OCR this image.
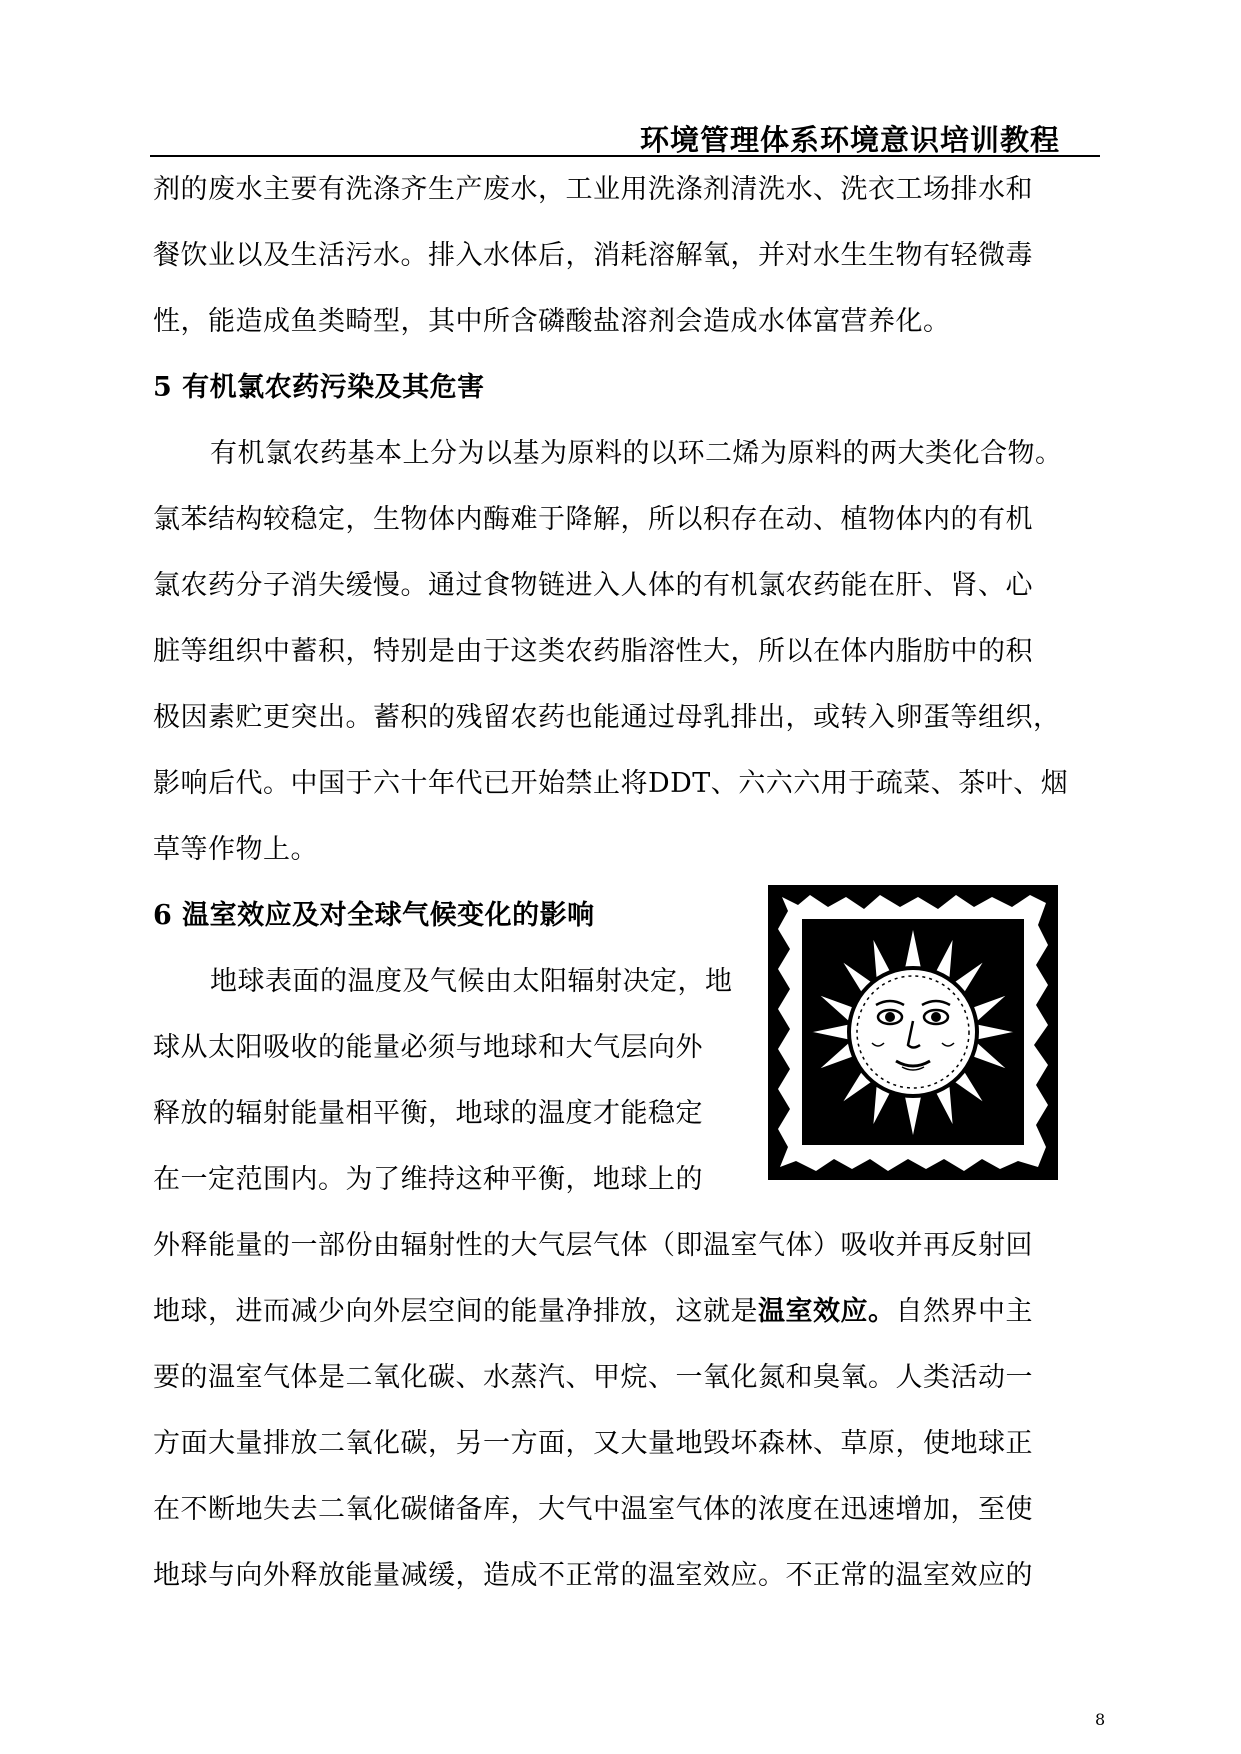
环境管理体系环境意识培训教程
剂的废水主要有洗涤齐生产废水，工业用洗涤剂清洗水、洗衣工场排水和
餐饮业以及生活污水。排入水体后，消耗溶解氧，并对水生生物有轻微毒
性，能造成鱼类畸型，其中所含磷酸盐溶剂会造成水体富营养化。
5 有机氯农药污染及其危害
有机氯农药基本上分为以基为原料的以环二烯为原料的两大类化合物。
氯苯结构较稳定，生物体内酶难于降解，所以积存在动、植物体内的有机
氯农药分子消失缓慢。通过食物链进入人体的有机氯农药能在肝、肾、心
脏等组织中蓄积，特别是由于这类农药脂溶性大，所以在体内脂肪中的积
极因素贮更突出。蓄积的残留农药也能通过母乳排出，或转入卵蛋等组织，
影响后代。中国于六十年代已开始禁止将DDT、六六六用于疏菜、茶叶、烟
草等作物上。
6 温室效应及对全球气候变化的影响
地球表面的温度及气候由太阳辐射决定，地
球从太阳吸收的能量必须与地球和大气层向外
释放的辐射能量相平衡，地球的温度才能稳定
在一定范围内。为了维持这种平衡，地球上的
外释能量的一部份由辐射性的大气层气体（即温室气体）吸收并再反射回
地球，进而减少向外层空间的能量净排放，这就是温室效应。自然界中主
要的温室气体是二氧化碳、水蒸汽、甲烷、一氧化氮和臭氧。人类活动一
方面大量排放二氧化碳，另一方面，又大量地毁坏森林、草原，使地球正
在不断地失去二氧化碳储备库，大气中温室气体的浓度在迅速增加，至使
地球与向外释放能量减缓，造成不正常的温室效应。不正常的温室效应的
8
